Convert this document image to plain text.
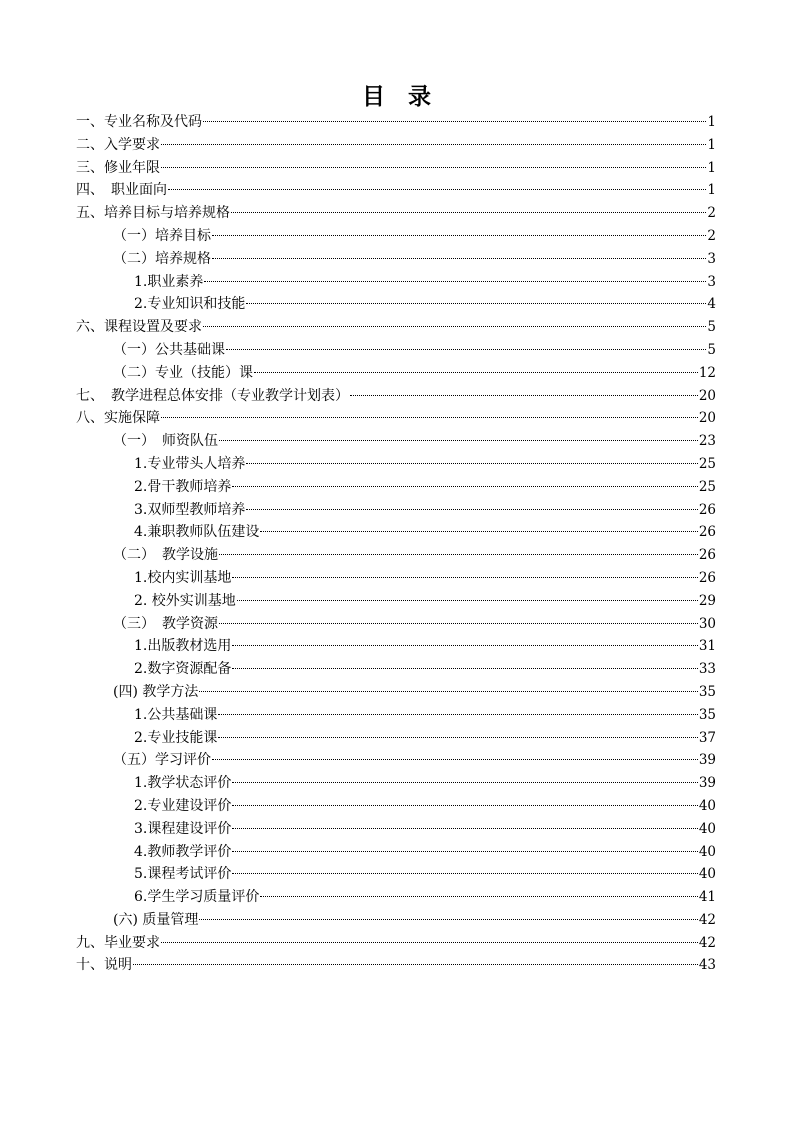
目　录
一、专业名称及代码	1
二、入学要求	1
三、修业年限	1
四、　职业面向	1
五、培养目标与培养规格	2
（一）培养目标	2
（二）培养规格	3
1.职业素养	3
2.专业知识和技能	4
六、课程设置及要求	5
（一）公共基础课	5
（二）专业（技能）课	12
七、　教学进程总体安排（专业教学计划表）	20
八、实施保障	20
（一）　师资队伍	23
1.专业带头人培养	25
2.骨干教师培养	25
3.双师型教师培养	26
4.兼职教师队伍建设	26
（二）　教学设施	26
1.校内实训基地	26
2. 校外实训基地	29
（三）　教学资源	30
1.出版教材选用	31
2.数字资源配备	33
(四) 教学方法	35
1.公共基础课	35
2.专业技能课	37
（五）学习评价	39
1.教学状态评价	39
2.专业建设评价	40
3.课程建设评价	40
4.教师教学评价	40
5.课程考试评价	40
6.学生学习质量评价	41
(六) 质量管理	42
九、毕业要求	42
十、说明	43
